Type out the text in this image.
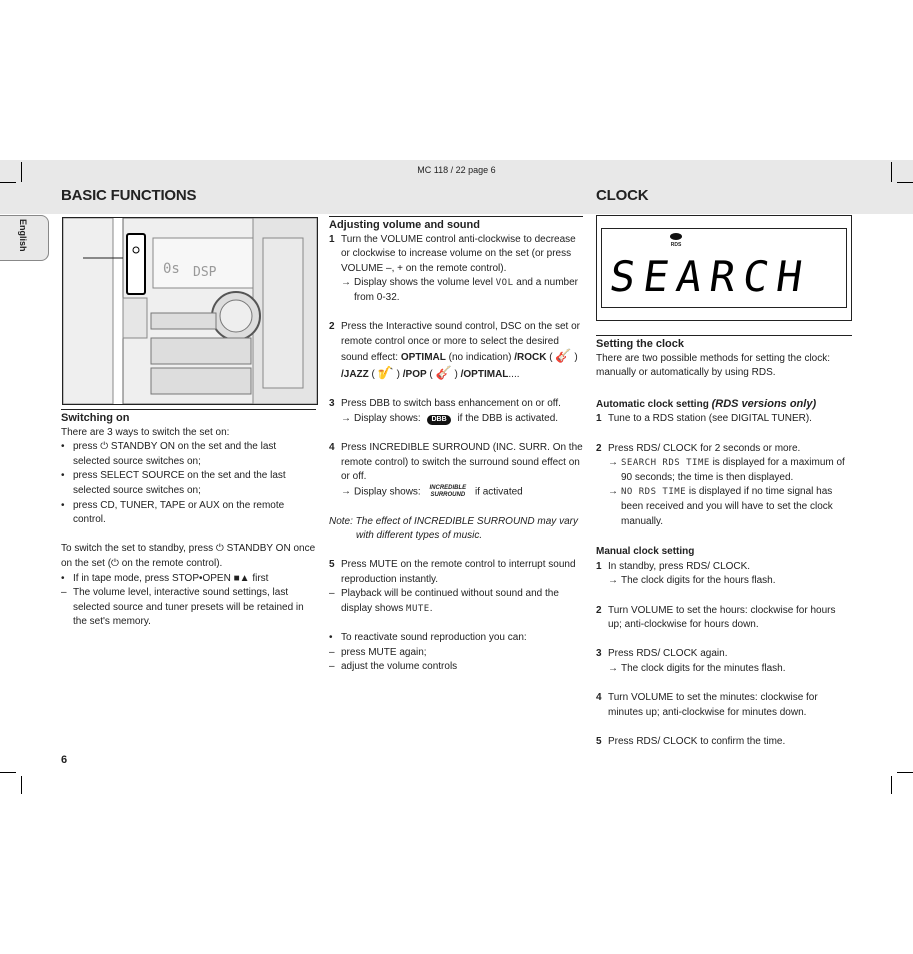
MC 118 / 22 page 6
English
BASIC FUNCTIONS	CLOCK
0s DSP

Switching on

There are 3 ways to switch the set on:

• press ⏻ STANDBY ON on the set and the last selected source switches on;

• press SELECT SOURCE on the set and the last selected source switches on;

• press CD, TUNER, TAPE or AUX on the remote control.

To switch the set to standby, press ⏻ STANDBY ON once on the set (⏻ on the remote control).

• If in tape mode, press STOP•OPEN ■▲ first

– The volume level, interactive sound settings, last selected source and tuner presets will be retained in the set's memory.

6

Adjusting volume and sound

1 Turn the VOLUME control anti-clockwise to decrease or clockwise to increase volume on the set (or press VOLUME –, + on the remote control).

→ Display shows the volume level VOL and a number from 0-32.

2 Press the Interactive sound control, DSC on the set or remote control once or more to select the desired sound effect: OPTIMAL (no indication) /ROCK ( 🎸 )
/JAZZ ( 🎷 ) /POP ( 🎸 ) /OPTIMAL....

3 Press DBB to switch bass enhancement on or off.

→ Display shows: DBB if the DBB is activated.

4 Press INCREDIBLE SURROUND (INC. SURR. On the remote control) to switch the surround sound effect on or off.

→ Display shows: INCREDIBLE
SURROUND if activated

Note: The effect of INCREDIBLE SURROUND may vary with different types of music.

5 Press MUTE on the remote control to interrupt sound reproduction instantly.

– Playback will be continued without sound and the display shows MUTE.

• To reactivate sound reproduction you can:

– press MUTE again;

– adjust the volume controls

RDS
SEARCH

Setting the clock

There are two possible methods for setting the clock: manually or automatically by using RDS.

Automatic clock setting (RDS versions only)

1 Tune to a RDS station (see DIGITAL TUNER).

2 Press RDS/ CLOCK for 2 seconds or more.

→ SEARCH RDS TIME is displayed for a maximum of 90 seconds; the time is then displayed.

→ NO RDS TIME is displayed if no time signal has been received and you will have to set the clock manually.

Manual clock setting

1 In standby, press RDS/ CLOCK.

→ The clock digits for the hours flash.

2 Turn VOLUME to set the hours: clockwise for hours up; anti-clockwise for hours down.

3 Press RDS/ CLOCK again.

→ The clock digits for the minutes flash.

4 Turn VOLUME to set the minutes: clockwise for minutes up; anti-clockwise for minutes down.

5 Press RDS/ CLOCK to confirm the time.
